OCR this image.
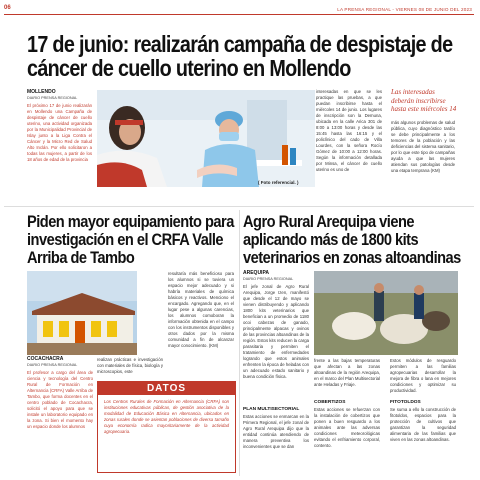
06	LA PRENSA REGIONAL - VIERNES 08 DE JUNIO DEL 2023
17 de junio: realizarán campaña de despistaje de
cáncer de cuello uterino en Mollendo
MOLLENDO
DIARIO PRENSA REGIONAL
El próximo 17 de junio realizarán en Mollendo una Campaña de despistaje de cáncer de cuello uterino, una actividad organizada por la Municipalidad Provincial de Islay junto a la Liga Contra el Cáncer y la Micro Red de Salud Alto Inclán. Por ello solicitaron a todas las mujeres, a partir de los 18 años de edad de la provincia
( Foto referencial. )
interesadas en que se les practique las pruebas, a que puedan inscribirse hasta el miércoles 14 de junio. Los lugares de inscripción son la Demuna, ubicada en la calle Arica 301 de 8:00 a 13:00 horas y desde las 15:45 hasta las 16:15 y el policlínico del cado de Villa Lourdes, con la señora Rocío Gómez de 10:00 a 12:00 horas. Según la información detallada por Minsa, el cáncer de cuello uterino es uno de
Las interesadas deberán inscribirse hasta este miércoles 14
más algunos problemas de salud pública, cuyo diagnóstico tardío se debe principalmente a los temores de la población y las deficiencias del sistema sanitario, por lo que este tipo de campañas ayuda a que las mujeres atiendan sus patologías desde una etapa temprana (KM)
Piden mayor equipamiento para
investigación en el CRFA Valle
Arriba de Tambo
COCACHACRA
DIARIO PRENSA REGIONAL
El profesor a cargo del área de ciencia y tecnología del Centro Rural de Formación en Alternancia (CRFA) Valle Arriba de Tambo, que forma docentes en el centro poblado de Cocachacra, solicitó el apoyo para que se instale un laboratorio equipado en la zona. Si bien el momento hay un espacio donde los alumnos
realizan prácticas e investigación con materiales de física, biología y microscopios, este
resultaría más beneficioso para los alumnos si se tuviera un espacio mejor adecuado y si habría materiales de química básicos y reactivos. Menciono el encargado. Agregando que, en el lugar pese a algunas carencias, los alumnos comoboran la información obtenida en el campo con los instrumentos disponibles y otros dados por la misma comunidad a fin de alcanzar mayor conocimiento. (KM)
DATOS
Los Centros Rurales de Formación en Alternancia (CRFA) son instituciones educativas públicas, de gestión asociativa de la modalidad de Educación Básica en Alternancia, ubicados en zonas rurales donde se asientan poblaciones de diversa tamaño cuya economía radica mayoritariamente de la actividad agropecuaria.
Agro Rural Arequipa viene
aplicando más de 1800 kits
veterinarios en zonas altoandinas
AREQUIPA
DIARIO PRENSA REGIONAL
El jefe zonal de Agro Rural Arequipa, Jorge Izen, manifestó que desde el 12 de mayo se vienen distribuyendo y aplicando 1800 kits veterinarios que benefician a un promedio de 1180 ocoi cabezas de ganado, principalmente alpacas y ovinos de las provincias altoandinas de la región. Estos kits reducen la carga parasitaria y permiten el tratamiento de enfermedades logrando que estos animales enfrenten la época de heladas con un adecuado estado sanitario y buena condición física.
PLAN MULTISECTORIAL
Estas acciones se enmarcan en la Primera Regional, el jefe zonal de Agro Rural Arequipa dijo que la entidad continúa atendiendo de manera preventiva los inconvenientes que se dan
frente a las bajas temperaturas que afectan a las zonas altoandinas de la región Arequipa, en el marco del Plan Multisectorial ante Heladas y Friaje.
COBERTIZOS
Estas acciones se refuerzan con la instalación de cobertizos que ponen a buen resguardo a los animales ante las adversas condiciones meteorológicas evitando el enfriamiento corporal, contento.
Estos módulos de resguardo permiten a las familias agropecuarias desarrollar la mejora de fibra o lana en mejores condiciones y optimizar su productividad.
FITOTOLDOS
Se suma a ello la construcción de fitotoldos, espacios para la protección de cultivos que garantizan la seguridad alimentaria de las familias que viven en las zonas altoandinas.
